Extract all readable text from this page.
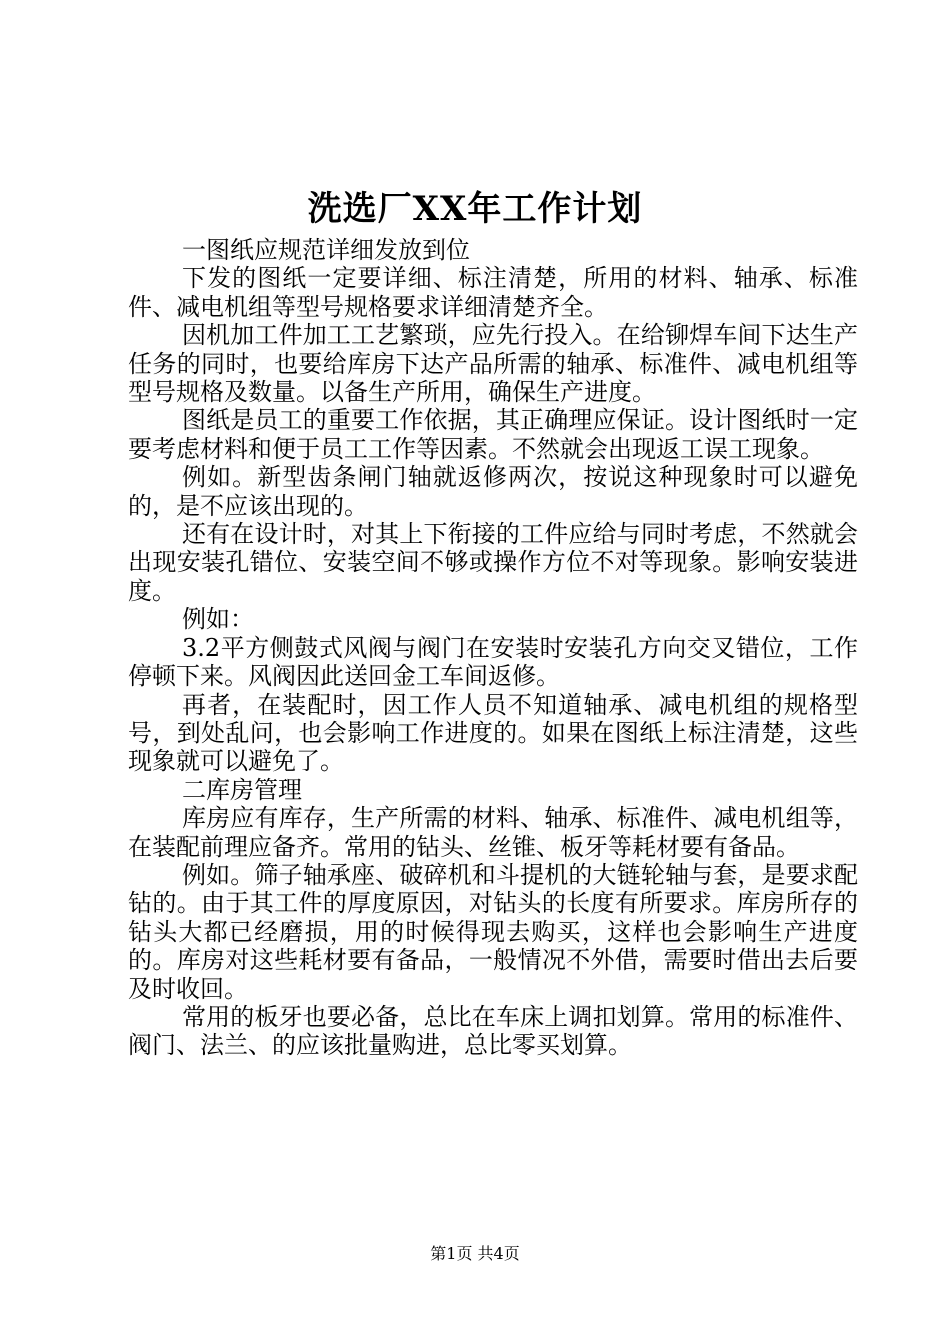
洗选厂XX年工作计划

一图纸应规范详细发放到位

下发的图纸一定要详细、标注清楚，所用的材料、轴承、标准件、减电机组等型号规格要求详细清楚齐全。

因机加工件加工工艺繁琐，应先行投入。在给铆焊车间下达生产任务的同时，也要给库房下达产品所需的轴承、标准件、减电机组等型号规格及数量。以备生产所用，确保生产进度。

图纸是员工的重要工作依据，其正确理应保证。设计图纸时一定要考虑材料和便于员工工作等因素。不然就会出现返工误工现象。

例如。新型齿条闸门轴就返修两次，按说这种现象时可以避免的，是不应该出现的。

还有在设计时，对其上下衔接的工件应给与同时考虑，不然就会出现安装孔错位、安装空间不够或操作方位不对等现象。影响安装进度。

例如：

3.2平方侧鼓式风阀与阀门在安装时安装孔方向交叉错位，工作停顿下来。风阀因此送回金工车间返修。

再者，在装配时，因工作人员不知道轴承、减电机组的规格型号，到处乱问，也会影响工作进度的。如果在图纸上标注清楚，这些现象就可以避免了。

二库房管理

库房应有库存，生产所需的材料、轴承、标准件、减电机组等，在装配前理应备齐。常用的钻头、丝锥、板牙等耗材要有备品。

例如。筛子轴承座、破碎机和斗提机的大链轮轴与套，是要求配钻的。由于其工件的厚度原因，对钻头的长度有所要求。库房所存的钻头大都已经磨损，用的时候得现去购买，这样也会影响生产进度的。库房对这些耗材要有备品，一般情况不外借，需要时借出去后要及时收回。

常用的板牙也要必备，总比在车床上调扣划算。常用的标准件、阀门、法兰、的应该批量购进，总比零买划算。

第1页 共4页
